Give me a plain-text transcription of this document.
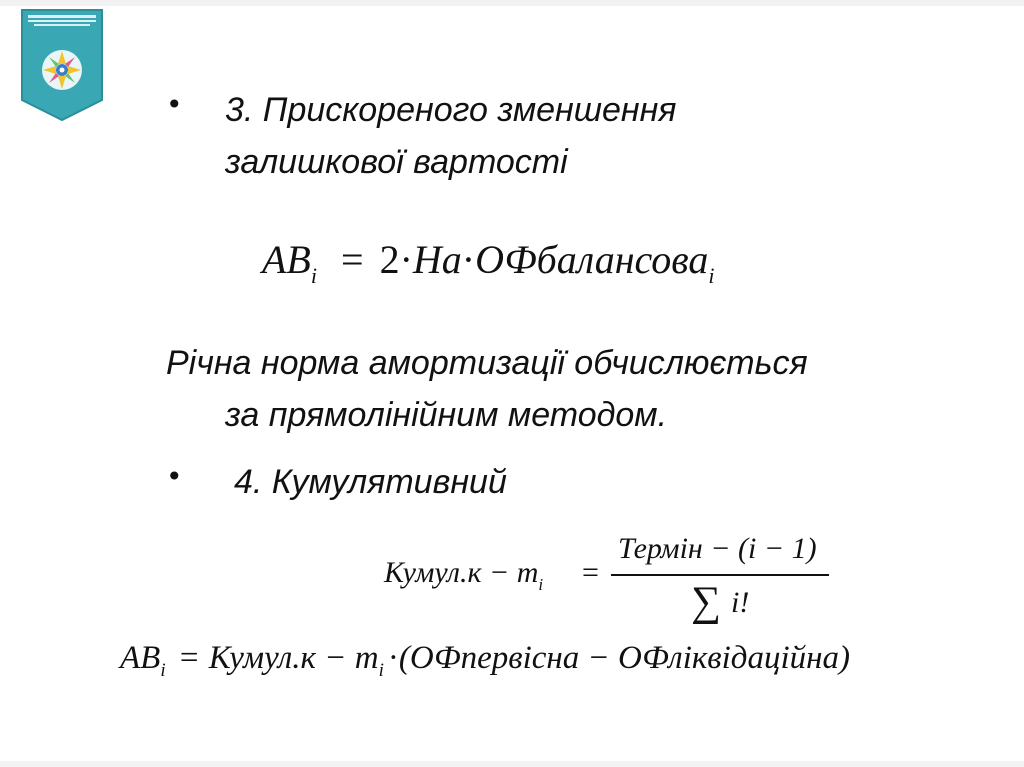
• 3. Прискореного зменшення
залишкової вартості
$AB_i$ = 2·На·ОФбалансова$_i$
Річна норма амортизації обчислюється
за прямолінійним методом.
• 4. Кумулятивний
Кумул.к − $т_i$ =
Термін − (i − 1)
∑ i!
$AB_i$ = Кумул.к − $т_i$ ·(ОФпервісна − ОФліквідаційна)
